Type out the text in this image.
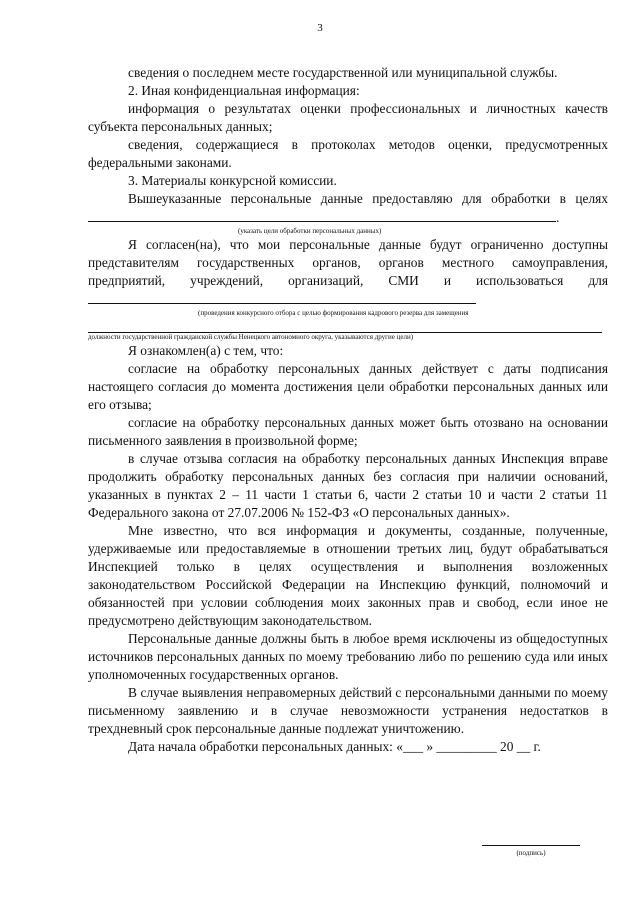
3

сведения о последнем месте государственной или муниципальной службы.

2. Иная конфиденциальная информация:

информация о результатах оценки профессиональных и личностных качеств субъекта персональных данных;

сведения, содержащиеся в протоколах методов оценки, предусмотренных федеральными законами.

3. Материалы конкурсной комиссии.

Вышеуказанные персональные данные предоставляю для обработки в целях .

(указать цели обработки персональных данных)

Я согласен(на), что мои персональные данные будут ограниченно доступны представителям государственных органов, органов местного самоуправления, предприятий, учреждений, организаций, СМИ и использоваться для

(проведения конкурсного отбора с целью формирования кадрового резерва для замещения

должности государственной гражданской службы Ненецкого автономного округа, указываются другие цели)

Я ознакомлен(а) с тем, что:

согласие на обработку персональных данных действует с даты подписания настоящего согласия до момента достижения цели обработки персональных данных или его отзыва;

согласие на обработку персональных данных может быть отозвано на основании письменного заявления в произвольной форме;

в случае отзыва согласия на обработку персональных данных Инспекция вправе продолжить обработку персональных данных без согласия при наличии оснований, указанных в пунктах 2 – 11 части 1 статьи 6, части 2 статьи 10 и части 2 статьи 11 Федерального закона от 27.07.2006 № 152-ФЗ «О персональных данных».

Мне известно, что вся информация и документы, созданные, полученные, удерживаемые или предоставляемые в отношении третьих лиц, будут обрабатываться Инспекцией только в целях осуществления и выполнения возложенных законодательством Российской Федерации на Инспекцию функций, полномочий и обязанностей при условии соблюдения моих законных прав и свобод, если иное не предусмотрено действующим законодательством.

Персональные данные должны быть в любое время исключены из общедоступных источников персональных данных по моему требованию либо по решению суда или иных уполномоченных государственных органов.

В случае выявления неправомерных действий с персональными данными по моему письменному заявлению и в случае невозможности устранения недостатков в трехдневный срок персональные данные подлежат уничтожению.

Дата начала обработки персональных данных: «___ » _________ 20 __ г.

(подпись)
